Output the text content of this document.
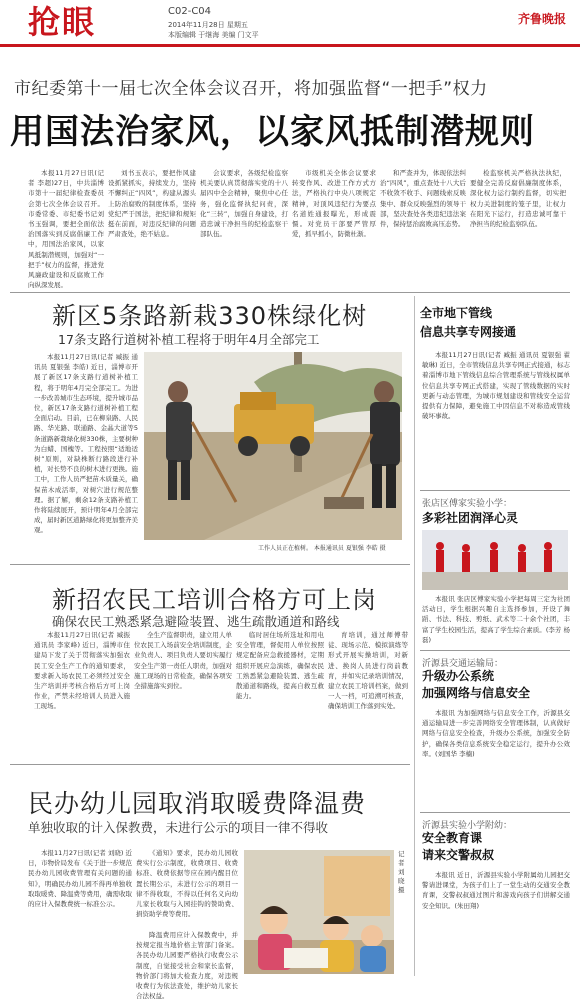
抢眼	C02-C04
2014年11月28日 星期五
本版编辑 于继海 美编 门文平
齐鲁晚报
市纪委第十一届七次全体会议召开，将加强监督“一把手”权力
用国法治家风，以家风抵制潜规则

本报11月27日讯(记者 李超)27日，中共淄博市第十一届纪律检查委员会第七次全体会议召开。市委常委、市纪委书记刘书玉强调，要把全面依法治国落实到反腐倡廉工作中，用国法治家风，以家风抵制潜规则，加强对“一把手”权力的监督，推进党风廉政建设和反腐败工作向纵深发展。

刘书玉表示，要把作风建设抓紧抓实，持续发力，坚持不懈纠正“四风”，构建从源头上防治腐败的制度体系，坚持党纪严于国法，把纪律和规矩挺在前面，对违反纪律的问题严肃查处，绝不姑息。

会议要求，各级纪检监察机关要认真贯彻落实党的十八届四中全会精神，聚焦中心任务，强化监督执纪问责，深化“三转”，加强自身建设，打造忠诚干净担当的纪检监察干部队伍。

市级机关全体会议要求转变作风、改进工作方式方法，严格执行中央八项规定精神，对顶风违纪行为要点名道姓通报曝光，形成震慑。对党员干部要严管厚爱，抓早抓小，防微杜渐。

和严查并为，体现依法纠治“四风”，重点查处十八大后不收敛不收手、问题线索反映集中、群众反映强烈的领导干部，坚决查处各类违纪违法案件，保持惩治腐败高压态势。

检监察机关严格执法执纪，要健全完善反腐倡廉制度体系，深化权力运行制约监督，切实把权力关进制度的笼子里，让权力在阳光下运行，打造忠诚可靠干净担当的纪检监察队伍。

新区5条路新栽330株绿化树
17条支路行道树补植工程将于明年4月全部完工

本报11月27日讯(记者 臧振 通讯员 夏银强 李皓) 近日，淄博市开展了新区17条支路行道树补植工程，将于明年4月完全部完工。为进一步改善城市生态环境，提升城市品位，新区17条支路行道树补植工程全面启动。目前，已在柳泉路、人民路、华光路、联通路、金晶大道等5条道路新栽绿化树330株，主要树种为白蜡、国槐等。工程按照“适地适树”原则，对缺株断行路段进行补植，对长势不良的树木进行更换。施工中，工作人员严把苗木质量关，确保苗木成活率，对树穴进行规范整理。据了解，剩余12条支路补植工作将陆续展开，预计明年4月全部完成，届时新区道路绿化将更加整齐美观。

工作人员正在植树。 本报通讯员 夏银强 李皓 摄
新招农民工培训合格方可上岗
确保农民工熟悉紧急避险装置、逃生疏散通道和路线

本报11月27日讯(记者 臧振 通讯员 李家峰) 近日，淄博市住建局下发了关于贯彻落实加强农民工安全生产工作的通知要求，要求新入场农民工必须经过安全生产培训并考核合格后方可上岗作业，严禁未经培训人员进入施工现场。

全生产监督职责，建立用人单位农民工入场前安全培训制度，企业负责人、项目负责人要切实履行安全生产第一责任人职责，加强对施工现场的日常检查，确保各项安全措施落实到位。

临时居住场所选址和用电安全管理，督促用人单位按照规定配备应急救援器材，定期组织开展应急演练，确保农民工熟悉紧急避险装置、逃生疏散通道和路线，提高自救互救能力。

育培训，通过师傅带徒、现场示范、模拟演练等形式开展实操培训，对新进、换岗人员进行岗前教育，并如实记录培训情况，建立农民工培训档案，做到一人一档，可追溯可核查，确保培训工作落到实处。

民办幼儿园取消取暖费降温费
单独收取的计入保教费，未进行公示的项目一律不得收

本报11月27日讯(记者 刘晓) 近日，市物价局发布《关于进一步规范民办幼儿园收费管理有关问题的通知》，明确民办幼儿园不得再单独收取取暖费、降温费等费用，确需收取的应计入保教费统一标准公示。

《通知》要求，民办幼儿园收费实行公示制度，收费项目、收费标准、收费依据等应在园内醒目位置长期公示，未进行公示的项目一律不得收取，不得以任何名义向幼儿家长收取与入园挂钩的赞助费、捐资助学费等费用。

记者 刘晓 摄
全市地下管线
信息共享专网接通

本报11月27日讯(记者 臧振 通讯员 夏银强 翟敏琳) 近日，全市管线信息共享专网正式接通，标志着淄博市地下管线信息综合管理系统与管线权属单位信息共享专网正式搭建，实现了管线数据的实时更新与动态管理，为城市规划建设和管线安全运营提供有力保障，避免施工中因信息不对称造成管线破坏事故。

张店区傅家实验小学：
多彩社团润泽心灵

本报讯 张店区傅家实验小学把每周三定为社团活动日，学生根据兴趣自主选择参加，开设了舞蹈、书法、科技、剪纸、武术等二十余个社团，丰富了学生校园生活，提高了学生综合素质。(李芳 杨磊)

沂源县交通运输局：
升级办公系统
加强网络与信息安全

本报讯 为加强网络与信息安全工作，沂源县交通运输局进一步完善网络安全管理体制，认真做好网络与信息安全检查，升级办公系统，加强安全防护，确保各类信息系统安全稳定运行，提升办公效率。(刘国华 李楠)

沂源县实验小学附幼：
安全教育课
请来交警叔叔

本报讯 近日，沂源县实验小学附属幼儿园把交警请进课堂，为孩子们上了一堂生动的交通安全教育课，交警叔叔通过图片和游戏向孩子们讲解交通安全知识。(朱田翔)

降温费用应计入保教费中，并按规定报当地价格主管部门备案。各民办幼儿园要严格执行收费公示制度，自觉接受社会和家长监督，物价部门将加大检查力度，对违规收费行为依法查处，维护幼儿家长合法权益。
